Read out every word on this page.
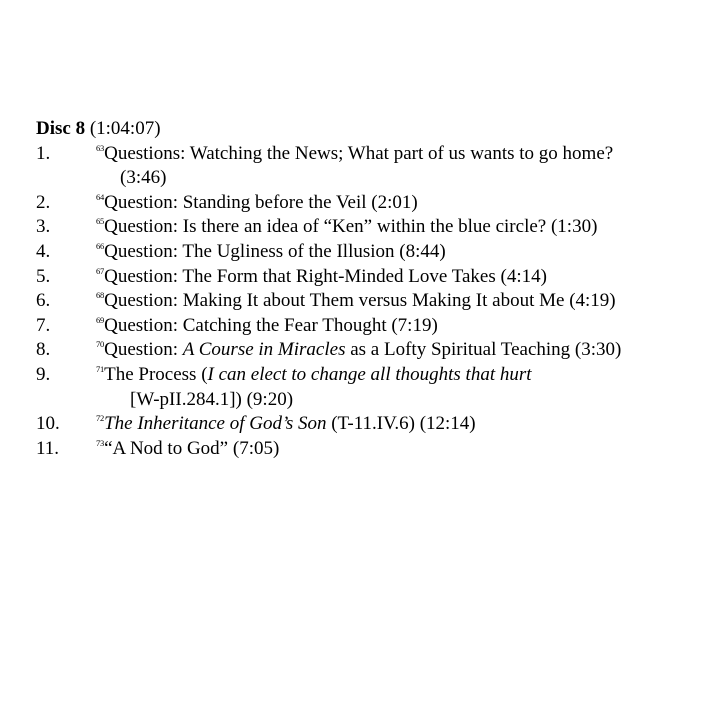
Disc 8 (1:04:07)

1.	$^{63}$Questions: Watching the News; What part of us wants to go home?
(3:46)
2.	$^{64}$Question: Standing before the Veil (2:01)
3.	$^{65}$Question: Is there an idea of “Ken” within the blue circle? (1:30)
4.	$^{66}$Question: The Ugliness of the Illusion (8:44)
5.	$^{67}$Question: The Form that Right-Minded Love Takes (4:14)
6.	$^{68}$Question: Making It about Them versus Making It about Me (4:19)
7.	$^{69}$Question: Catching the Fear Thought (7:19)
8.	$^{70}$Question: A Course in Miracles as a Lofty Spiritual Teaching (3:30)
9.	$^{71}$The Process (I can elect to change all thoughts that hurt
[W-pII.284.1]) (9:20)
10.	$^{72}$The Inheritance of God’s Son (T-11.IV.6) (12:14)
11.	$^{73}$“A Nod to God” (7:05)
